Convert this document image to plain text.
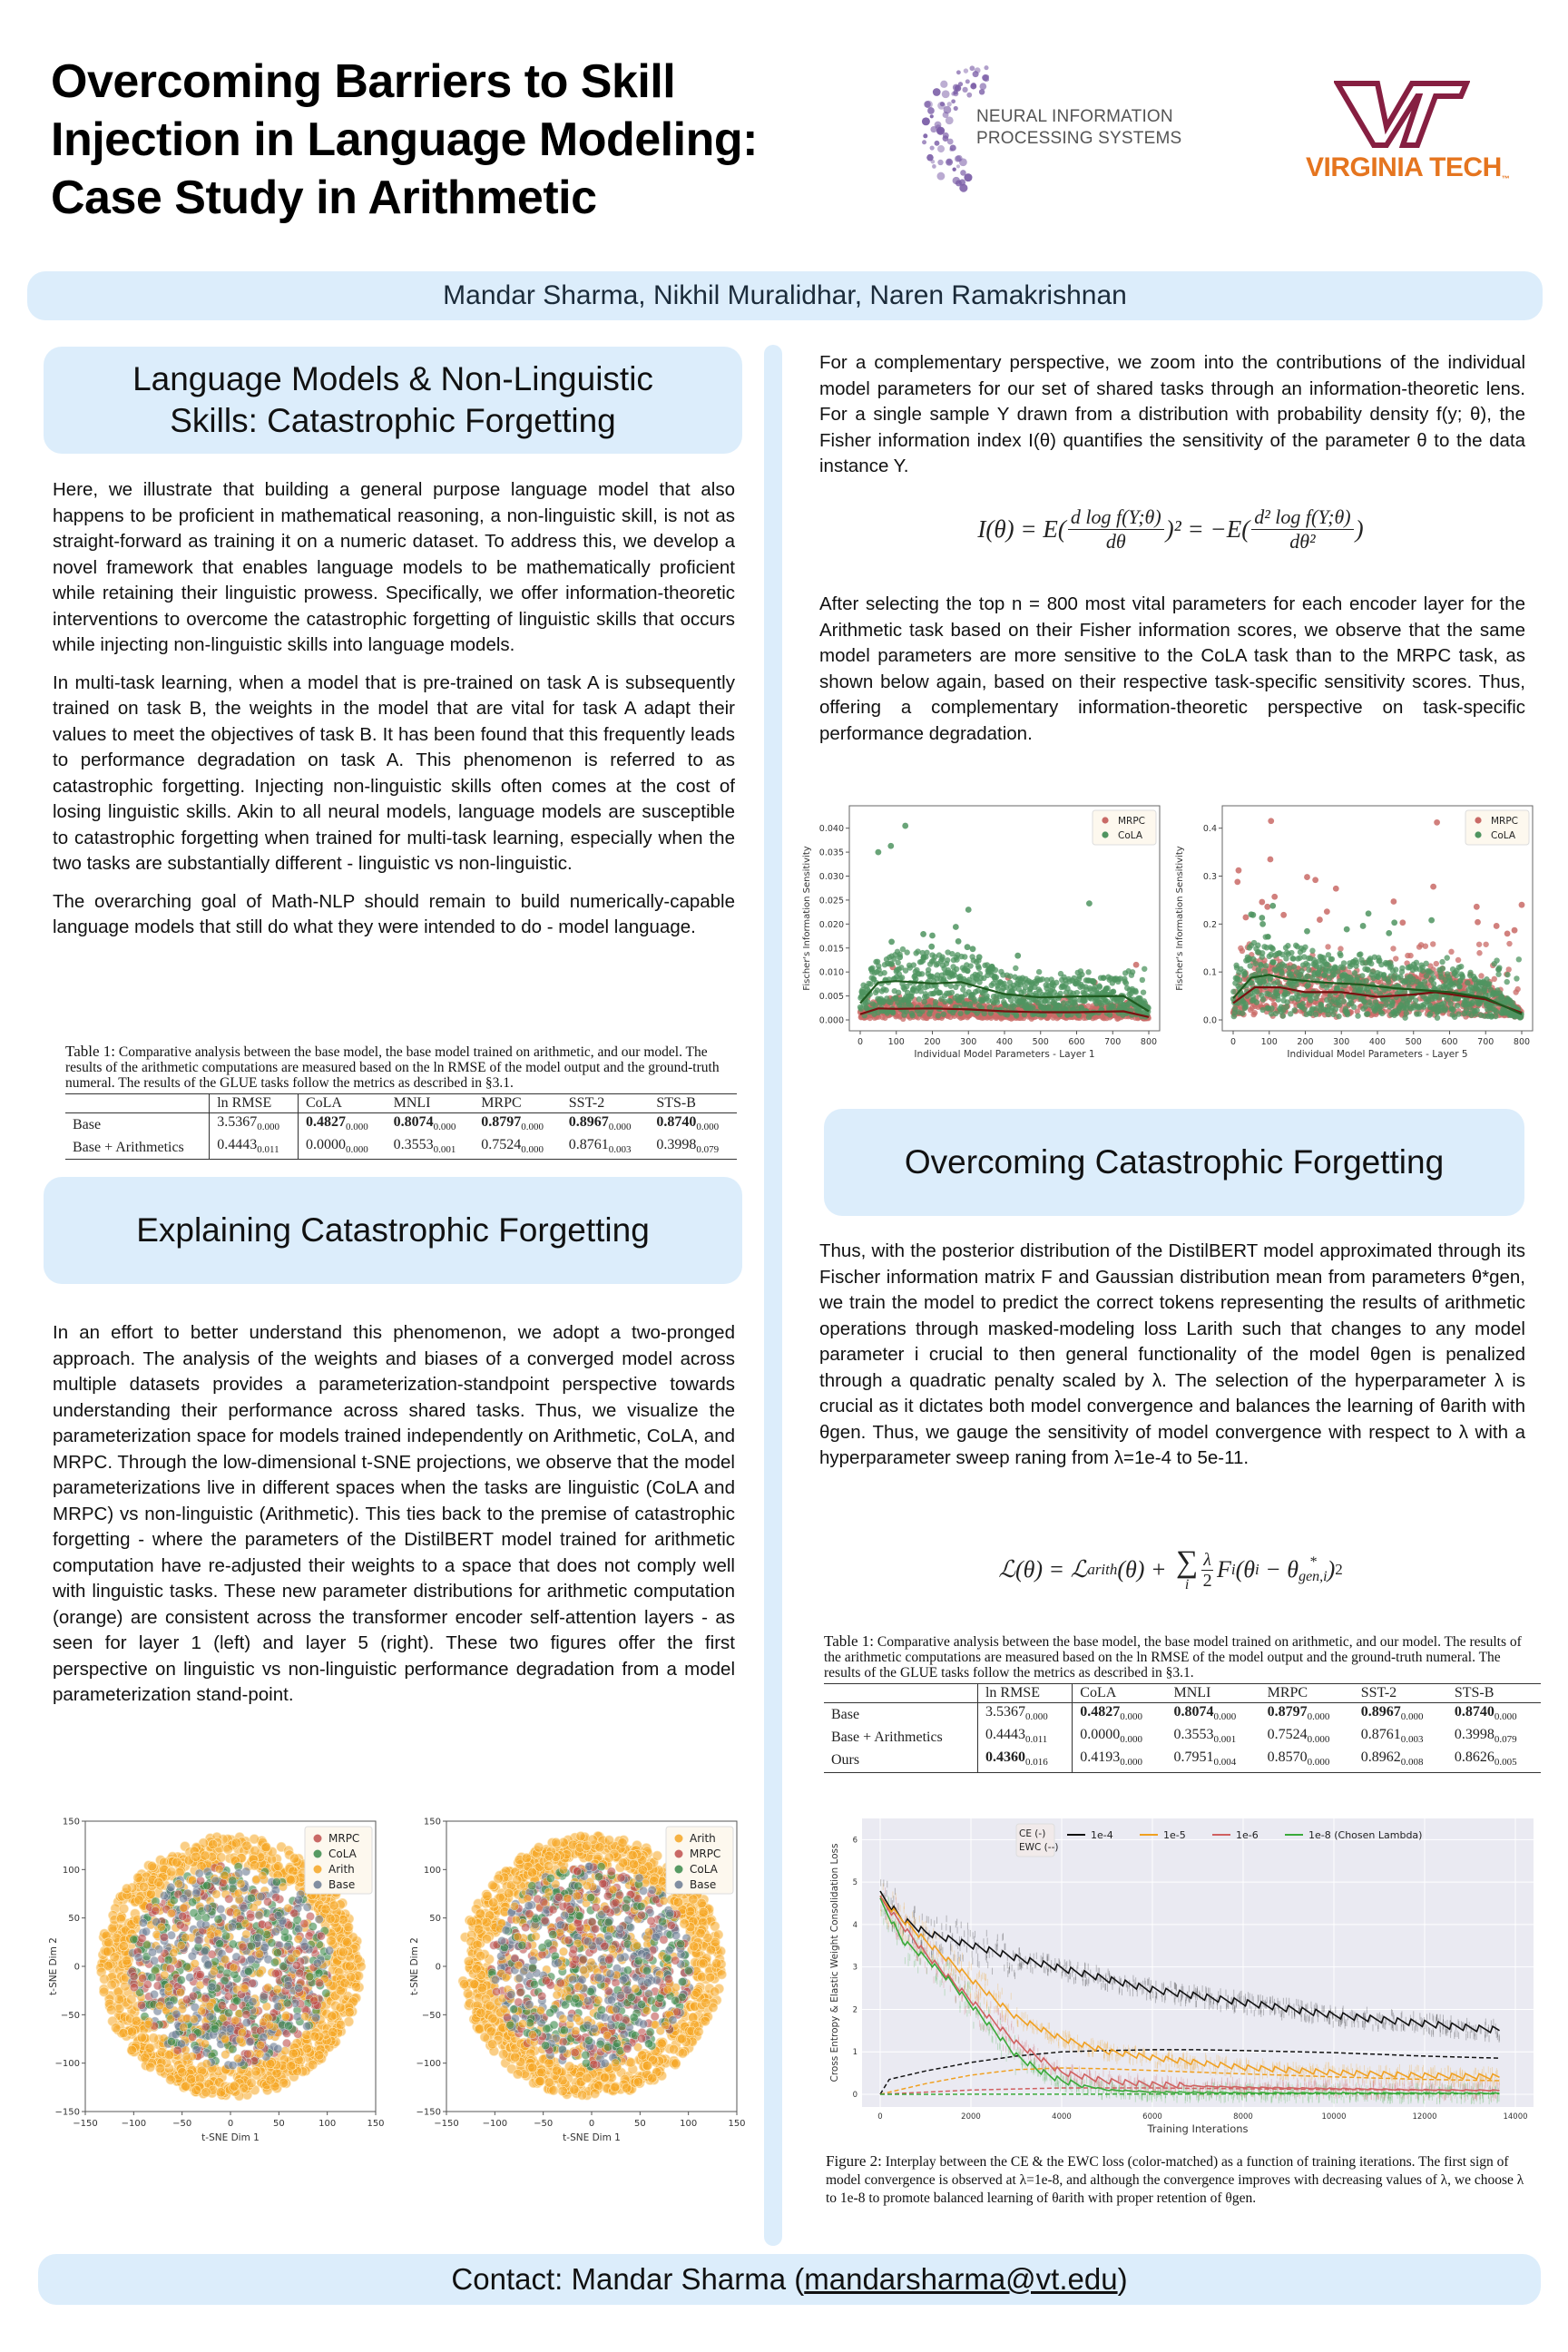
Overcoming Barriers to Skill
Injection in Language Modeling:
Case Study in Arithmetic
NEURAL INFORMATION
PROCESSING SYSTEMS
VIRGINIA TECH™
Mandar Sharma, Nikhil Muralidhar, Naren Ramakrishnan
Language Models & Non-Linguistic
Skills: Catastrophic Forgetting

Here, we illustrate that building a general purpose language model that also happens to be proficient in mathematical reasoning, a non-linguistic skill, is not as straight-forward as training it on a numeric dataset. To address this, we develop a novel framework that enables language models to be mathematically proficient while retaining their linguistic prowess. Specifically, we offer information-theoretic interventions to overcome the catastrophic forgetting of linguistic skills that occurs while injecting non-linguistic skills into language models.

In multi-task learning, when a model that is pre-trained on task A is subsequently trained on task B, the weights in the model that are vital for task A adapt their values to meet the objectives of task B. It has been found that this frequently leads to performance degradation on task A. This phenomenon is referred to as catastrophic forgetting. Injecting non-linguistic skills often comes at the cost of losing linguistic skills. Akin to all neural models, language models are susceptible to catastrophic forgetting when trained for multi-task learning, especially when the two tasks are substantially different - linguistic vs non-linguistic.

The overarching goal of Math-NLP should remain to build numerically-capable language models that still do what they were intended to do - model language.

Table 1: Comparative analysis between the base model, the base model trained on arithmetic, and our model. The results of the arithmetic computations are measured based on the ln RMSE of the model output and the ground-truth numeral. The results of the GLUE tasks follow the metrics as described in §3.1.
	ln RMSE	CoLA	MNLI	MRPC	SST-2	STS-B
Base	$3.5367_{0.000}$	$0.4827_{0.000}$	$0.8074_{0.000}$	$0.8797_{0.000}$	$0.8967_{0.000}$	$0.8740_{0.000}$
Base + Arithmetics	$0.4443_{0.011}$	$0.0000_{0.000}$	$0.3553_{0.001}$	$0.7524_{0.000}$	$0.8761_{0.003}$	$0.3998_{0.079}$
Explaining Catastrophic Forgetting

In an effort to better understand this phenomenon, we adopt a two-pronged approach. The analysis of the weights and biases of a converged model across multiple datasets provides a parameterization-standpoint perspective towards understanding their performance across shared tasks. Thus, we visualize the parameterization space for models trained independently on Arithmetic, CoLA, and MRPC. Through the low-dimensional t-SNE projections, we observe that the model parameterizations live in different spaces when the tasks are linguistic (CoLA and MRPC) vs non-linguistic (Arithmetic). This ties back to the premise of catastrophic forgetting - where the parameters of the DistilBERT model trained for arithmetic computation have re-adjusted their weights to a space that does not comply well with linguistic tasks. These new parameter distributions for arithmetic computation (orange) are consistent across the transformer encoder self-attention layers - as seen for layer 1 (left) and layer 5 (right). These two figures offer the first perspective on linguistic vs non-linguistic performance degradation from a model parameterization stand-point.

−150	−100	−50	0	50	100	150
150
100
50
0
−50
−100
−150
t-SNE Dim 1
t-SNE Dim 2
MRPC
CoLA
Arith
Base
−150	−100	−50	0	50	100	150
150
100
50
0
−50
−100
−150
t-SNE Dim 1
t-SNE Dim 2
Arith
MRPC
CoLA
Base

For a complementary perspective, we zoom into the contributions of the individual model parameters for our set of shared tasks through an information-theoretic lens. For a single sample Y drawn from a distribution with probability density f(y; θ), the Fisher information index I(θ) quantifies the sensitivity of the parameter θ to the data instance Y.

$I(\theta) = E( \frac{\text{d log f(Y;θ)}}{d\theta} )^2 = -E( \frac{\text{d² log f(Y;θ)}}{\text{dθ²}}$ )

After selecting the top n = 800 most vital parameters for each encoder layer for the Arithmetic task based on their Fisher information scores, we observe that the same model parameters are more sensitive to the CoLA task than to the MRPC task, as shown below again, based on their respective task-specific sensitivity scores. Thus, offering a complementary information-theoretic perspective on task-specific performance degradation.

0	100 200 300 400 500 600 700 800
0.000
0.005
0.010
0.015
0.020
0.025
0.030
0.035
0.040
Individual Model Parameters - Layer 1
Fischer's Information Sensitivity
MRPC
CoLA
0	100 200 300 400 500 600 700 800
0.0
0.1
0.2
0.3
0.4
Individual Model Parameters - Layer 5
Fischer's Information Sensitivity
MRPC
CoLA
Overcoming Catastrophic Forgetting

Thus, with the posterior distribution of the DistilBERT model approximated through its Fischer information matrix F and Gaussian distribution mean from parameters θ*gen, we train the model to predict the correct tokens representing the results of arithmetic operations through masked-modeling loss Larith such that changes to any model parameter i crucial to then general functionality of the model θgen is penalized through a quadratic penalty scaled by λ. The selection of the hyperparameter λ is crucial as it dictates both model convergence and balances the learning of θarith with θgen. Thus, we gauge the sensitivity of model convergence with respect to λ with a hyperparameter sweep raning from λ=1e-4 to 5e-11.

ℒ(θ) = ℒ arith (θ) + ∑
i $\frac{\lambda}{2}$ F i (θ i − θ *
gen,i ) 2
Table 1: Comparative analysis between the base model, the base model trained on arithmetic, and our model. The results of the arithmetic computations are measured based on the ln RMSE of the model output and the ground-truth numeral. The results of the GLUE tasks follow the metrics as described in §3.1.
	ln RMSE	CoLA	MNLI	MRPC	SST-2	STS-B
Base	$3.5367_{0.000}$	$0.4827_{0.000}$	$0.8074_{0.000}$	$0.8797_{0.000}$	$0.8967_{0.000}$	$0.8740_{0.000}$
Base + Arithmetics	$0.4443_{0.011}$	$0.0000_{0.000}$	$0.3553_{0.001}$	$0.7524_{0.000}$	$0.8761_{0.003}$	$0.3998_{0.079}$
Ours	$0.4360_{0.016}$	$0.4193_{0.000}$	$0.7951_{0.004}$	$0.8570_{0.000}$	$0.8962_{0.008}$	$0.8626_{0.005}$
0	2000	4000	6000	8000	10000	12000	14000
0
1
2
3
4
5
6
Training Interations
Cross Entropy & Elastic Weight Consolidation Loss
CE (-)
EWC (--)
1e-4	1e-5	1e-6	1e-8 (Chosen Lambda)
Figure 2: Interplay between the CE & the EWC loss (color-matched) as a function of training iterations. The first sign of model convergence is observed at λ=1e-8, and although the convergence improves with decreasing values of λ, we choose λ to 1e-8 to promote balanced learning of θarith with proper retention of θgen.
Contact: Mandar Sharma ( mandarsharma@vt.edu )
